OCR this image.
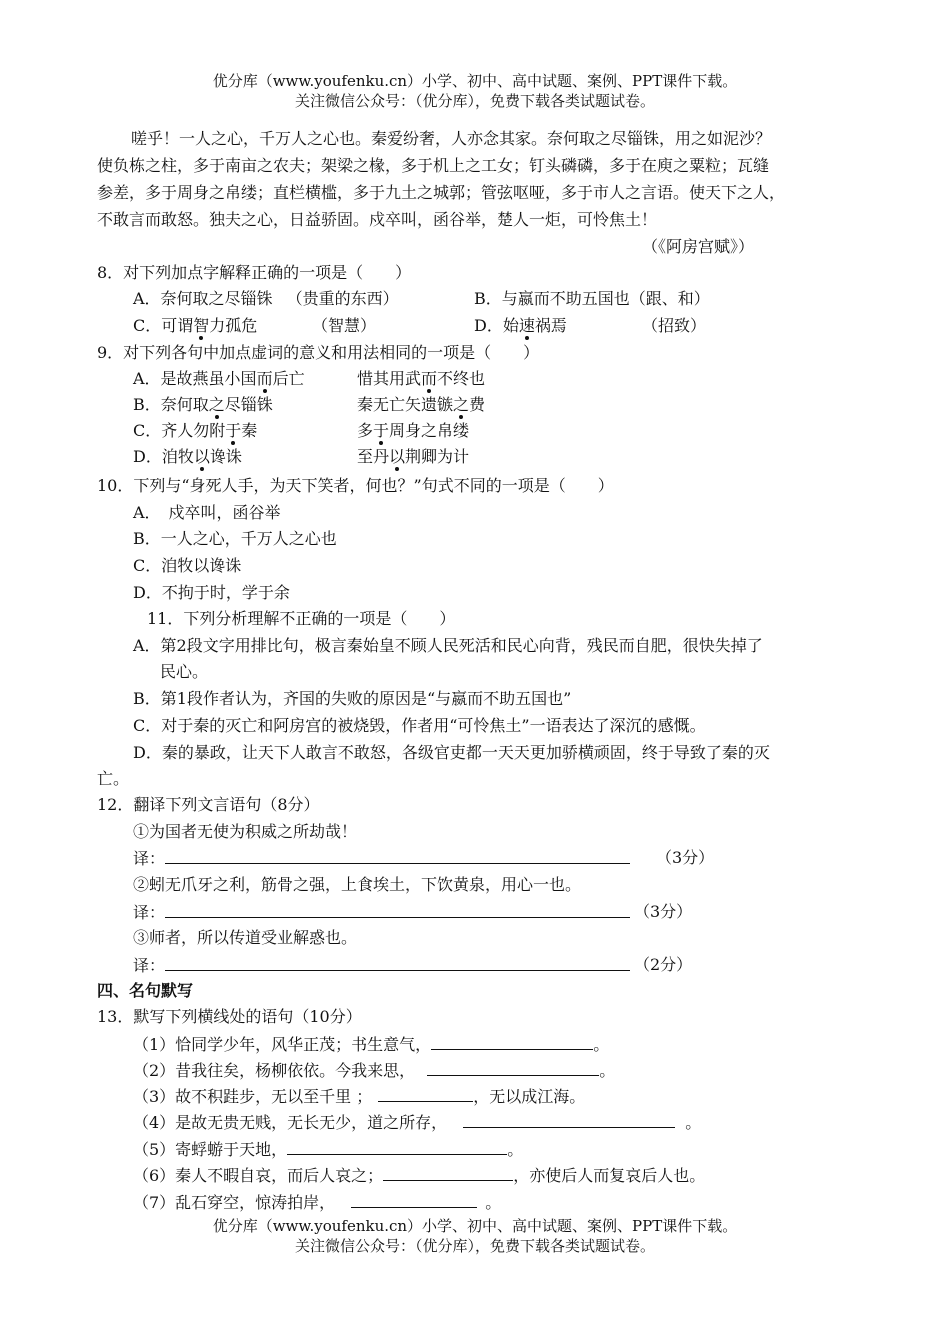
优分库（www.youfenku.cn）小学、初中、高中试题、案例、PPT课件下载。
关注微信公众号：（优分库），免费下载各类试题试卷。
嗟乎！一人之心，千万人之心也。秦爱纷奢，人亦念其家。奈何取之尽锱铢，用之如泥沙？
使负栋之柱，多于南亩之农夫；架梁之椽，多于机上之工女；钉头磷磷，多于在庾之粟粒；瓦缝
参差，多于周身之帛缕；直栏横槛，多于九土之城郭；管弦呕哑，多于市人之言语。使天下之人，
不敢言而敢怒。独夫之心，日益骄固。戍卒叫，函谷举，楚人一炬，可怜焦土！
（《阿房宫赋》）
8．对下列加点字解释正确的一项是（　　）
A．奈何取之尽锱铢 （贵重的东西）	B．与嬴而不助五国也（跟、和）
C．可谓智力孤危	（智慧）	D．始速祸焉	（招致）
9．对下列各句中加点虚词的意义和用法相同的一项是（　　）
A．是故燕虽小国而后亡	惜其用武而不终也
B．奈何取之尽锱铢	秦无亡矢遗镞之费
C．齐人勿附于秦	多于周身之帛缕
D．洎牧以谗诛	至丹以荆卿为计
10．下列与“身死人手，为天下笑者，何也？”句式不同的一项是（　　）
A．　戍卒叫，函谷举
B．一人之心，千万人之心也
C．洎牧以谗诛
D．不拘于时，学于余
11．下列分析理解不正确的一项是（　　）
A．第2段文字用排比句，极言秦始皇不顾人民死活和民心向背，残民而自肥，很快失掉了
民心。
B．第1段作者认为，齐国的失败的原因是“与嬴而不助五国也”
C．对于秦的灭亡和阿房宫的被烧毁，作者用“可怜焦土”一语表达了深沉的感慨。
D．秦的暴政，让天下人敢言不敢怒，各级官吏都一天天更加骄横顽固，终于导致了秦的灭
亡。
12．翻译下列文言语句（8分）
①为国者无使为积威之所劫哉！
译：	（3分）
②蚓无爪牙之利，筋骨之强，上食埃土，下饮黄泉，用心一也。
译：	（3分）
③师者，所以传道受业解惑也。
译：	（2分）
四、名句默写
13．默写下列横线处的语句（10分）
（1）恰同学少年，风华正茂；书生意气，	。
（2）昔我往矣，杨柳依依。今我来思，	。
（3）故不积跬步，无以至千里 ；	，无以成江海。
（4）是故无贵无贱，无长无少，道之所存，	。
（5）寄蜉蝣于天地，	。
（6）秦人不暇自哀，而后人哀之；	，亦使后人而复哀后人也。
（7）乱石穿空，惊涛拍岸，	。
优分库（www.youfenku.cn）小学、初中、高中试题、案例、PPT课件下载。
关注微信公众号：（优分库），免费下载各类试题试卷。
